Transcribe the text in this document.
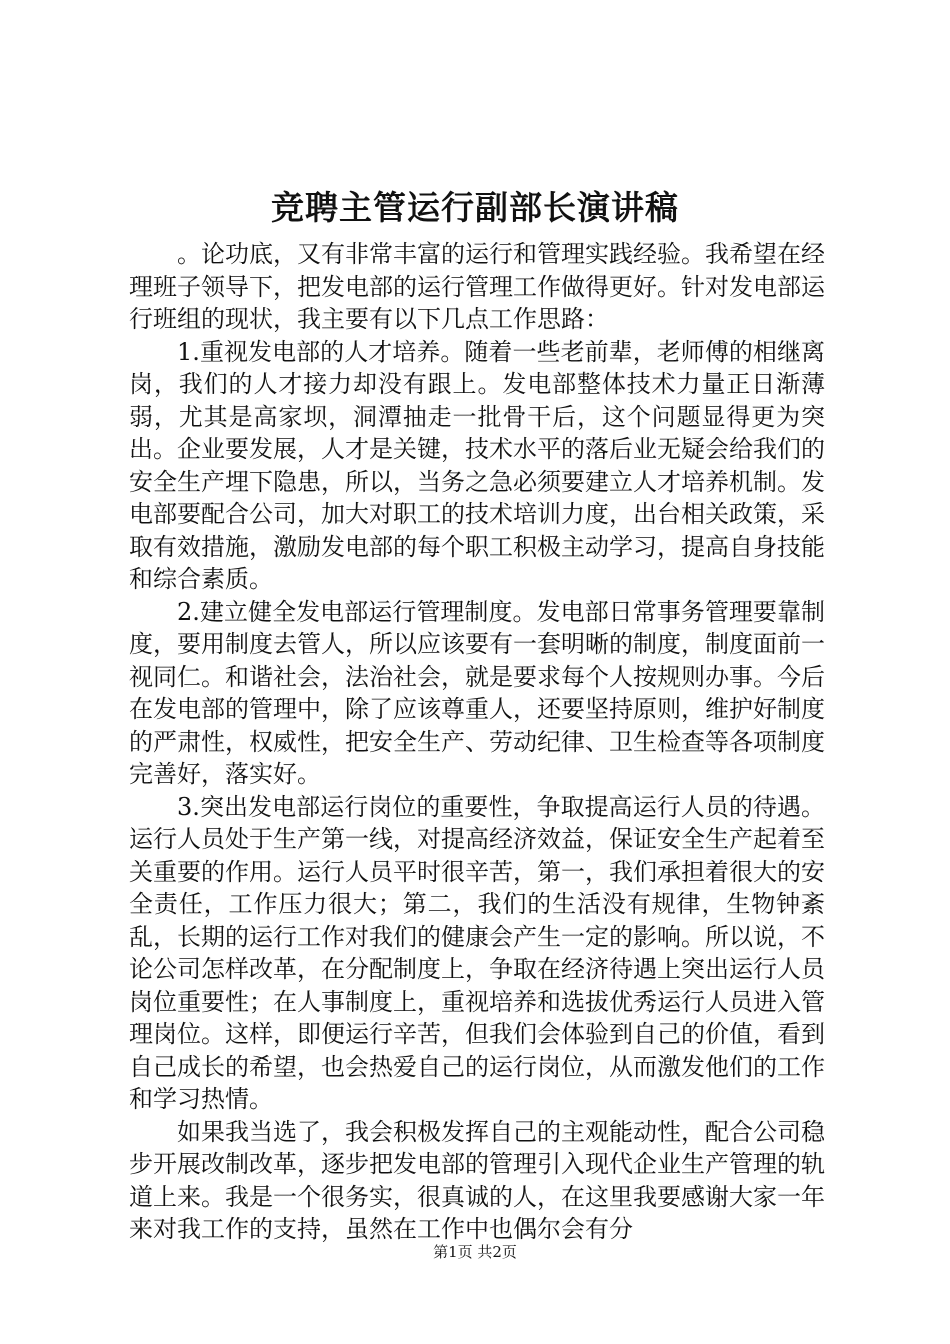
竞聘主管运行副部长演讲稿

。论功底，又有非常丰富的运行和管理实践经验。我希望在经理班子领导下，把发电部的运行管理工作做得更好。针对发电部运行班组的现状，我主要有以下几点工作思路：

1.重视发电部的人才培养。随着一些老前辈，老师傅的相继离岗，我们的人才接力却没有跟上。发电部整体技术力量正日渐薄弱，尤其是高家坝，洞潭抽走一批骨干后，这个问题显得更为突出。企业要发展，人才是关键，技术水平的落后业无疑会给我们的安全生产埋下隐患，所以，当务之急必须要建立人才培养机制。发电部要配合公司，加大对职工的技术培训力度，出台相关政策，采取有效措施，激励发电部的每个职工积极主动学习，提高自身技能和综合素质。

2.建立健全发电部运行管理制度。发电部日常事务管理要靠制度，要用制度去管人，所以应该要有一套明晰的制度，制度面前一视同仁。和谐社会，法治社会，就是要求每个人按规则办事。今后在发电部的管理中，除了应该尊重人，还要坚持原则，维护好制度的严肃性，权威性，把安全生产、劳动纪律、卫生检查等各项制度完善好，落实好。

3.突出发电部运行岗位的重要性，争取提高运行人员的待遇。运行人员处于生产第一线，对提高经济效益，保证安全生产起着至关重要的作用。运行人员平时很辛苦，第一，我们承担着很大的安全责任，工作压力很大；第二，我们的生活没有规律，生物钟紊乱，长期的运行工作对我们的健康会产生一定的影响。所以说，不论公司怎样改革，在分配制度上，争取在经济待遇上突出运行人员岗位重要性；在人事制度上，重视培养和选拔优秀运行人员进入管理岗位。这样，即便运行辛苦，但我们会体验到自己的价值，看到自己成长的希望，也会热爱自己的运行岗位，从而激发他们的工作和学习热情。

如果我当选了，我会积极发挥自己的主观能动性，配合公司稳步开展改制改革，逐步把发电部的管理引入现代企业生产管理的轨道上来。我是一个很务实，很真诚的人，在这里我要感谢大家一年来对我工作的支持，虽然在工作中也偶尔会有分

第1页 共2页
